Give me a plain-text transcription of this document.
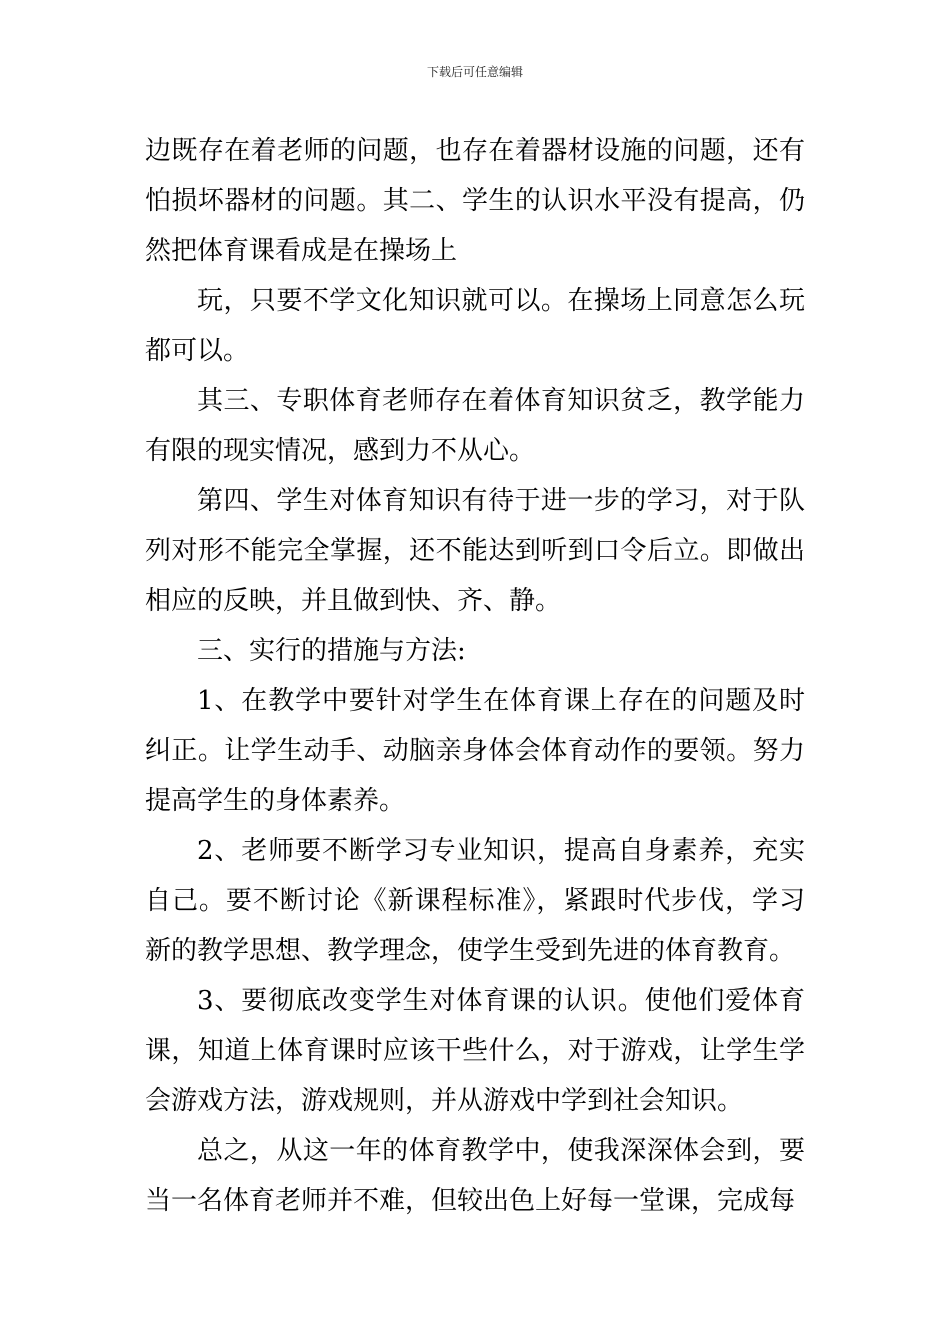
下载后可任意编辑

边既存在着老师的问题，也存在着器材设施的问题，还有怕损坏器材的问题。其二、学生的认识水平没有提高，仍然把体育课看成是在操场上

玩，只要不学文化知识就可以。在操场上同意怎么玩都可以。

其三、专职体育老师存在着体育知识贫乏，教学能力有限的现实情况，感到力不从心。

第四、学生对体育知识有待于进一步的学习，对于队列对形不能完全掌握，还不能达到听到口令后立。即做出相应的反映，并且做到快、齐、静。

三、实行的措施与方法:

1、在教学中要针对学生在体育课上存在的问题及时纠正。让学生动手、动脑亲身体会体育动作的要领。努力提高学生的身体素养。

2、老师要不断学习专业知识，提高自身素养，充实自己。要不断讨论《新课程标准》，紧跟时代步伐，学习新的教学思想、教学理念，使学生受到先进的体育教育。

3、要彻底改变学生对体育课的认识。使他们爱体育课，知道上体育课时应该干些什么，对于游戏，让学生学会游戏方法，游戏规则，并从游戏中学到社会知识。

总之，从这一年的体育教学中，使我深深体会到，要当一名体育老师并不难，但较出色上好每一堂课，完成每
